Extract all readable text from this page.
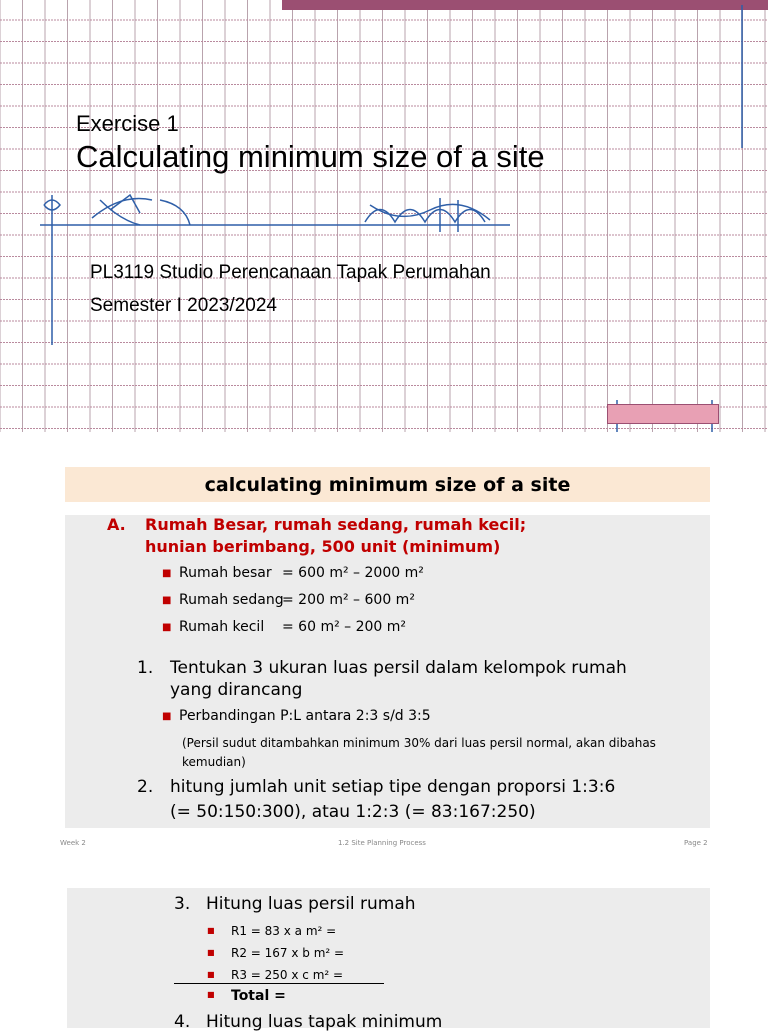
Exercise 1
Calculating minimum size of a site
PL3119 Studio Perencanaan Tapak Perumahan
Semester I 2023/2024
calculating minimum size of a site
A. Rumah Besar, rumah sedang, rumah kecil;
hunian berimbang, 500 unit (minimum)
■ Rumah besar = 600 m² – 2000 m²
■ Rumah sedang
= 200 m² – 600 m²
■ Rumah kecil = 60 m² – 200 m²
1. Tentukan 3 ukuran luas persil dalam kelompok rumah
yang dirancang
■ Perbandingan P:L antara 2:3 s/d 3:5
(Persil sudut ditambahkan minimum 30% dari luas persil normal, akan dibahas
kemudian)
2. hitung jumlah unit setiap tipe dengan proporsi 1:3:6
(= 50:150:300), atau 1:2:3 (= 83:167:250)
Week 2	1.2 Site Planning Process	Page 2
3. Hitung luas persil rumah
■ R1 = 83 x a m² =
■ R2 = 167 x b m² =
■ R3 = 250 x c m² =
■ Total =
4. Hitung luas tapak minimum
